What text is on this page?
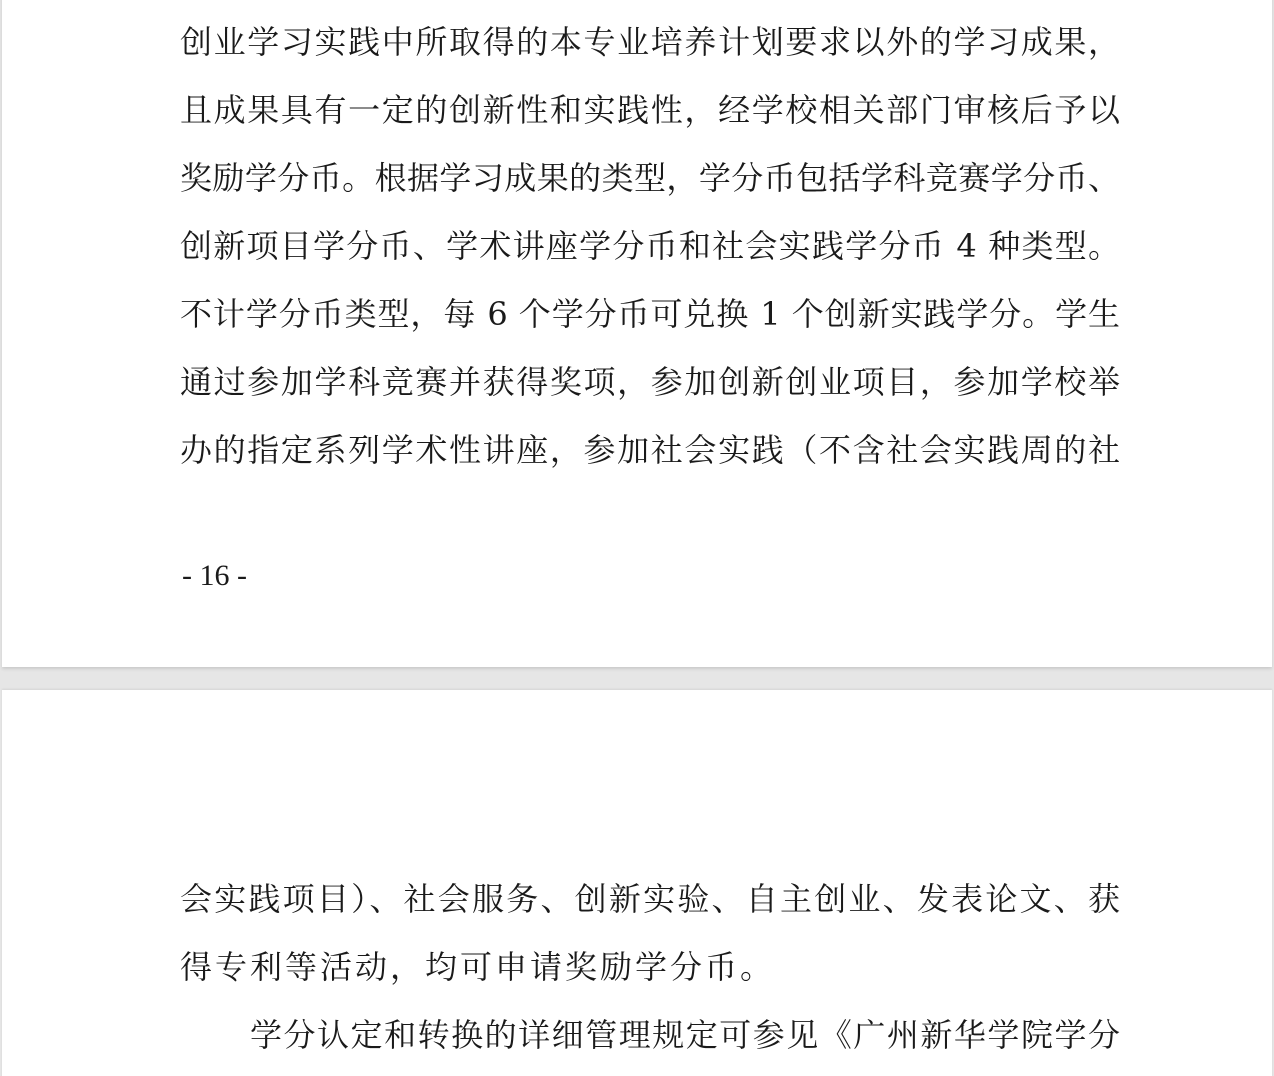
创业学习实践中所取得的本专业培养计划要求以外的学习成果，
且成果具有一定的创新性和实践性，经学校相关部门审核后予以
奖励学分币。根据学习成果的类型，学分币包括学科竞赛学分币、
创新项目学分币、学术讲座学分币和社会实践学分币 4 种类型。
不计学分币类型，每 6 个学分币可兑换 1 个创新实践学分。学生
通过参加学科竞赛并获得奖项，参加创新创业项目，参加学校举
办的指定系列学术性讲座，参加社会实践（不含社会实践周的社
- 16 -
会实践项目）、社会服务、创新实验、自主创业、发表论文、获
得专利等活动，均可申请奖励学分币。
学分认定和转换的详细管理规定可参见《广州新华学院学分
